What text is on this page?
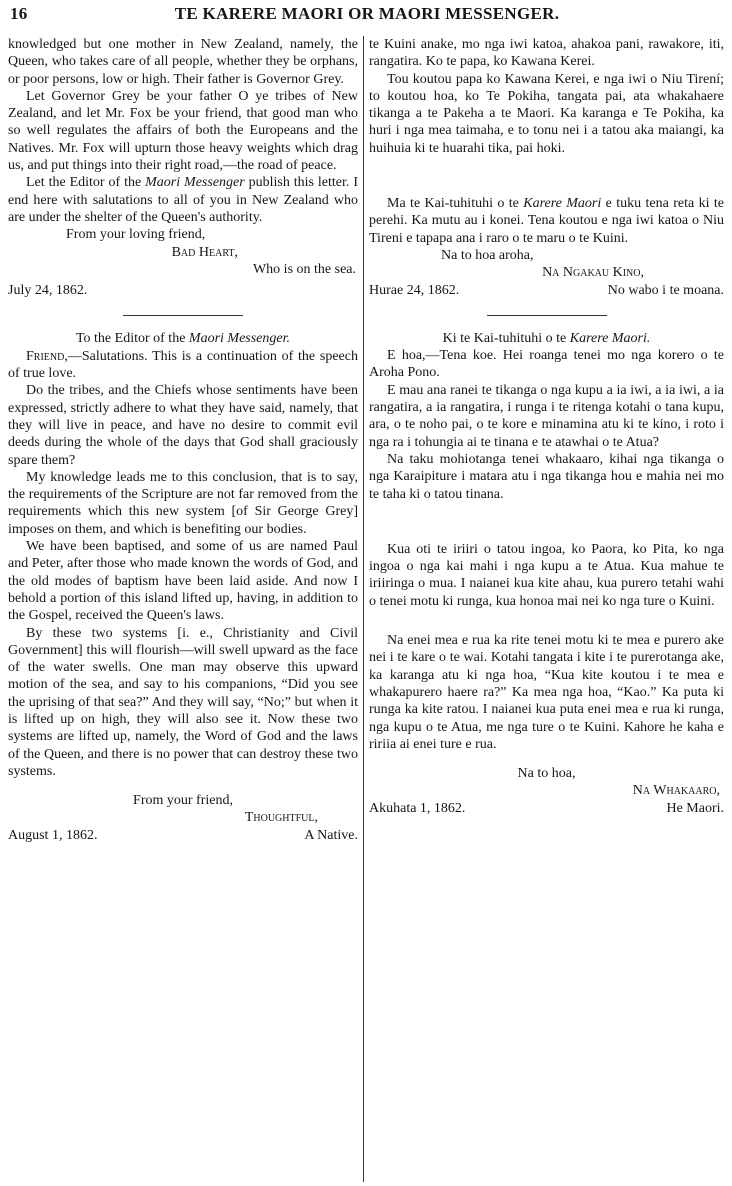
16	TE KARERE MAORI OR MAORI MESSENGER.

knowledged but one mother in New Zealand, namely, the Queen, who takes care of all people, whether they be orphans, or poor persons, low or high. Their father is Governor Grey.

Let Governor Grey be your father O ye tribes of New Zealand, and let Mr. Fox be your friend, that good man who so well regulates the affairs of both the Europeans and the Natives. Mr. Fox will upturn those heavy weights which drag us, and put things into their right road,—the road of peace.

Let the Editor of the Maori Messenger publish this letter. I end here with salutations to all of you in New Zealand who are under the shelter of the Queen's authority.

From your loving friend,

Bad Heart,

Who is on the sea.

July 24, 1862.

To the Editor of the Maori Messenger.

Friend,—Salutations. This is a continuation of the speech of true love.

Do the tribes, and the Chiefs whose sentiments have been expressed, strictly adhere to what they have said, namely, that they will live in peace, and have no desire to commit evil deeds during the whole of the days that God shall graciously spare them?

My knowledge leads me to this conclusion, that is to say, the requirements of the Scripture are not far removed from the requirements which this new system [of Sir George Grey] imposes on them, and which is benefiting our bodies.

We have been baptised, and some of us are named Paul and Peter, after those who made known the words of God, and the old modes of baptism have been laid aside. And now I behold a portion of this island lifted up, having, in addition to the Gospel, received the Queen's laws.

By these two systems [i. e., Christianity and Civil Government] this will flourish—will swell upward as the face of the water swells. One man may observe this upward motion of the sea, and say to his companions, “Did you see the uprising of that sea?” And they will say, “No;” but when it is lifted up on high, they will also see it. Now these two systems are lifted up, namely, the Word of God and the laws of the Queen, and there is no power that can destroy these two systems.

From your friend,

Thoughtful,

August 1, 1862.	A Native.

te Kuini anake, mo nga iwi katoa, ahakoa pani, rawakore, iti, rangatira. Ko te papa, ko Kawana Kerei.

Tou koutou papa ko Kawana Kerei, e nga iwi o Niu Tirení; to koutou hoa, ko Te Pokiha, tangata pai, ata whakahaere tikanga a te Pakeha a te Maori. Ka karanga e Te Pokiha, ka huri i nga mea taimaha, e to tonu nei i a tatou aka maiangi, ka huihuia ki te huarahi tika, pai hoki.

Ma te Kai-tuhituhi o te Karere Maori e tuku tena reta ki te perehi. Ka mutu au i konei. Tena koutou e nga iwi katoa o Niu Tireni e tapapa ana i raro o te maru o te Kuini.

Na to hoa aroha,

Na Ngakau Kino,

Hurae 24, 1862.	No wabo i te moana.

Ki te Kai-tuhituhi o te Karere Maori.

E hoa,—Tena koe. Hei roanga tenei mo nga korero o te Aroha Pono.

E mau ana ranei te tikanga o nga kupu a ia iwi, a ia iwi, a ia rangatira, a ia rangatira, i runga i te ritenga kotahi o tana kupu, ara, o te noho pai, o te kore e minamina atu ki te kino, i roto i nga ra i tohungia ai te tinana e te atawhai o te Atua?

Na taku mohiotanga tenei whakaaro, kihai nga tikanga o nga Karaipiture i matara atu i nga tikanga hou e mahia nei mo te taha ki o tatou tinana.

Kua oti te iriiri o tatou ingoa, ko Paora, ko Pita, ko nga ingoa o nga kai mahi i nga kupu a te Atua. Kua mahue te iriiringa o mua. I naianei kua kite ahau, kua purero tetahi wahi o tenei motu ki runga, kua honoa mai nei ko nga ture o Kuini.

Na enei mea e rua ka rite tenei motu ki te mea e purero ake nei i te kare o te wai. Kotahi tangata i kite i te purerotanga ake, ka karanga atu ki nga hoa, “Kua kite koutou i te mea e whakapurero haere ra?” Ka mea nga hoa, “Kao.” Ka puta ki runga ka kite ratou. I naianei kua puta enei mea e rua ki runga, nga kupu o te Atua, me nga ture o te Kuini. Kahore he kaha e ririia ai enei ture e rua.

Na to hoa,

Na Whakaaro,

Akuhata 1, 1862.	He Maori.
